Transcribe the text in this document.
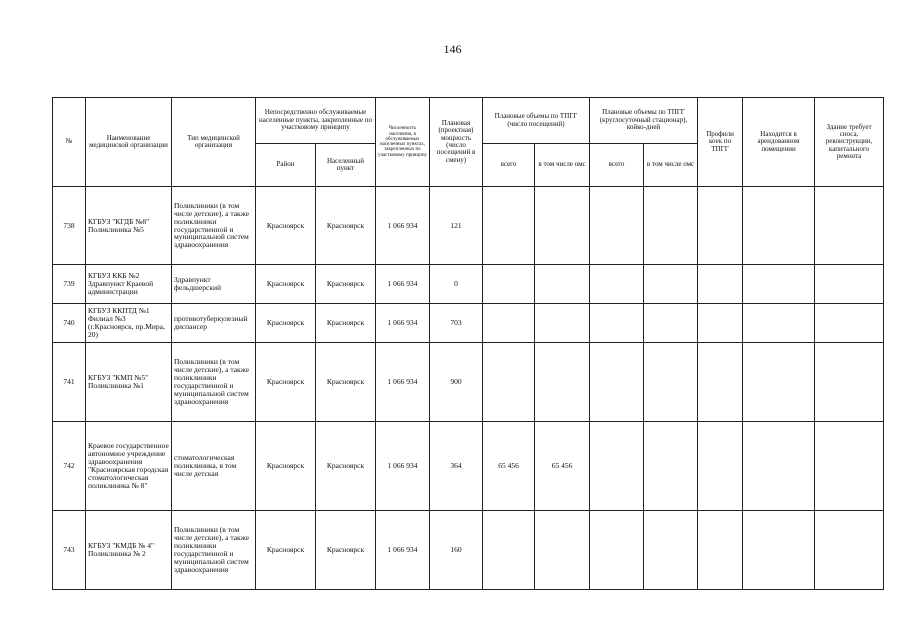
146
№	Наименование медицинской организации	Тип медицинской организации	Непосредственно обслуживаемые населенные пункты, закрепленные по участковому принципу		Численность населения, в обслуживаемых населенных пунктах, закрепленных по участковому принципу	Плановая (проектная) мощность (число посещений в смену)	Плановые объемы по ТПГГ (число посещений)		Плановые объемы по ТПГГ (круглосуточный стационар), койко-дней		Профили коек по ТПГГ	Находится в арендованном помещении	Здание требует сноса, реконструкции, капитального ремонта
			Район	Населенный пункт			всего	в том числе омс	всего	в том числе омс			
738	КГБУЗ "КГДБ №8" Поликлиника №5	Поликлиники (в том числе детские), а также поликлиники государственной и муниципальной систем здравоохранения	Красноярск	Красноярск	1 066 934	121							
739	КГБУЗ ККБ №2 Здравпункт Краевой администрации	Здравпункт фельдшерский	Красноярск	Красноярск	1 066 934	0							
740	КГБУЗ ККПТД №1 Филиал №3 (г.Красноярск, пр.Мира, 20)	противотуберкулезный диспансер	Красноярск	Красноярск	1 066 934	703							
741	КГБУЗ "КМП №5" Поликлиника №1	Поликлиники (в том числе детские), а также поликлиники государственной и муниципальной систем здравоохранения	Красноярск	Красноярск	1 066 934	900							
742	Краевое государственное автономное учреждение здравоохранения "Красноярская городская стоматологическая поликлиника № 8"	стоматологическая поликлиника, в том числе детская	Красноярск	Красноярск	1 066 934	364	65 456	65 456					
743	КГБУЗ "КМДБ № 4" Поликлиника № 2	Поликлиники (в том числе детские), а также поликлиники государственной и муниципальной систем здравоохранения	Красноярск	Красноярск	1 066 934	160							
